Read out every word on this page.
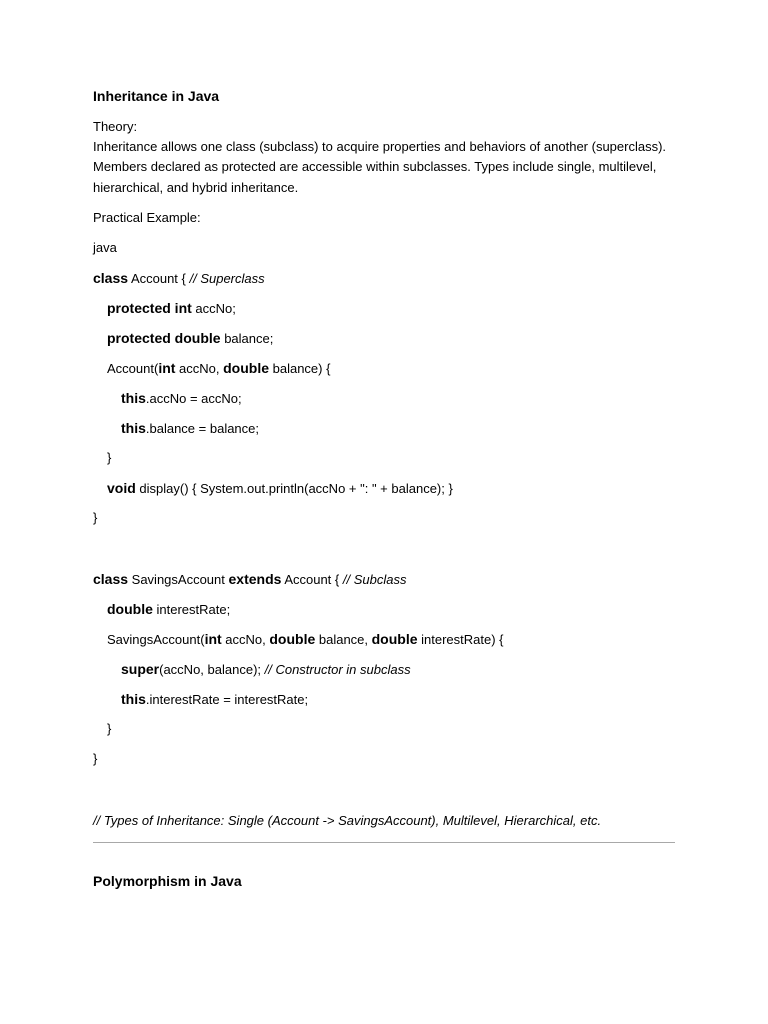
Inheritance in Java
Theory:
Inheritance allows one class (subclass) to acquire properties and behaviors of another (superclass). Members declared as protected are accessible within subclasses. Types include single, multilevel, hierarchical, and hybrid inheritance.
Practical Example:
java
class Account { // Superclass
protected int accNo;
protected double balance;
Account(int accNo, double balance) {
this.accNo = accNo;
this.balance = balance;
}
void display() { System.out.println(accNo + ": " + balance); }
}
class SavingsAccount extends Account { // Subclass
double interestRate;
SavingsAccount(int accNo, double balance, double interestRate) {
super(accNo, balance); // Constructor in subclass
this.interestRate = interestRate;
}
}
// Types of Inheritance: Single (Account -> SavingsAccount), Multilevel, Hierarchical, etc.
Polymorphism in Java
